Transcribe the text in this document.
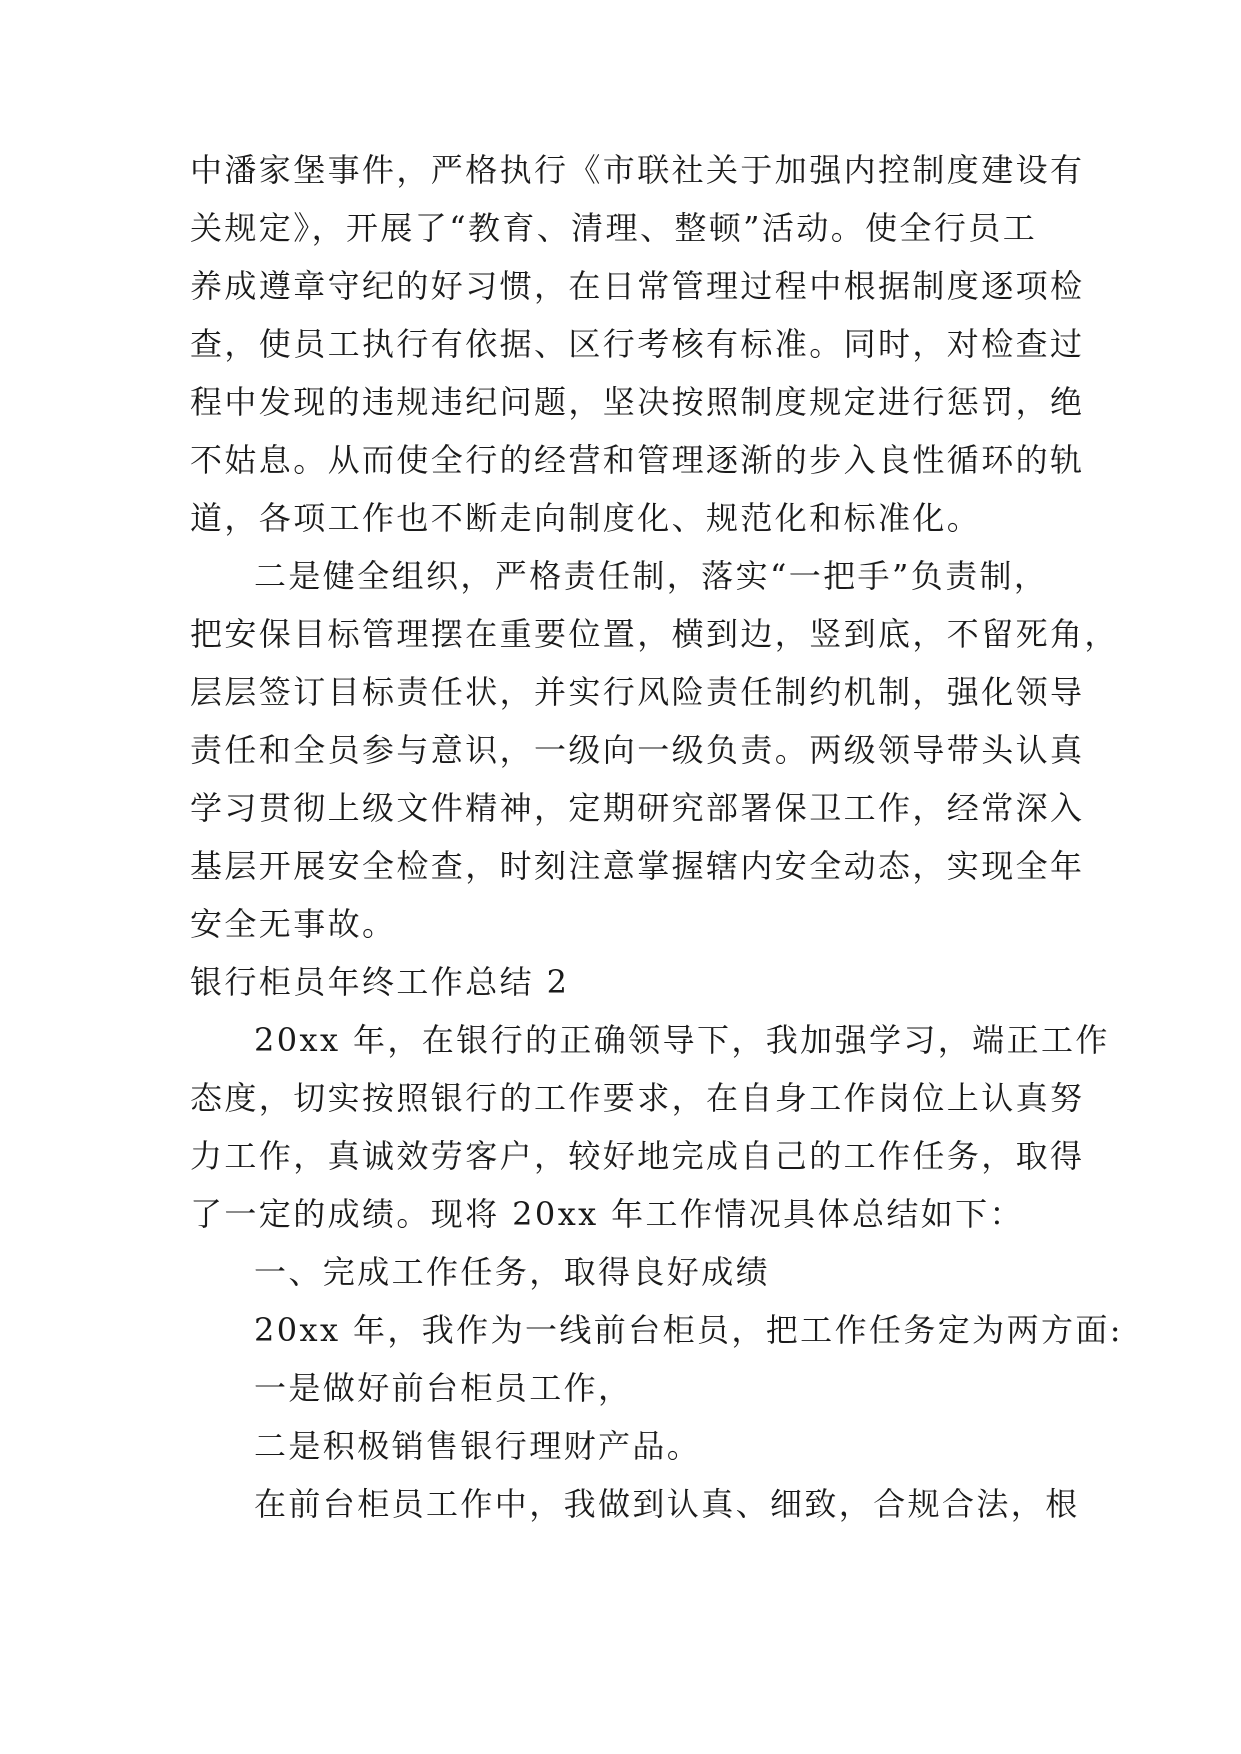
中潘家堡事件，严格执行《市联社关于加强内控制度建设有
关规定》，开展了“教育、清理、整顿”活动。使全行员工
养成遵章守纪的好习惯，在日常管理过程中根据制度逐项检
查，使员工执行有依据、区行考核有标准。同时，对检查过
程中发现的违规违纪问题，坚决按照制度规定进行惩罚，绝
不姑息。从而使全行的经营和管理逐渐的步入良性循环的轨
道，各项工作也不断走向制度化、规范化和标准化。
二是健全组织，严格责任制，落实“一把手”负责制，
把安保目标管理摆在重要位置，横到边，竖到底，不留死角，
层层签订目标责任状，并实行风险责任制约机制，强化领导
责任和全员参与意识，一级向一级负责。两级领导带头认真
学习贯彻上级文件精神，定期研究部署保卫工作，经常深入
基层开展安全检查，时刻注意掌握辖内安全动态，实现全年
安全无事故。
银行柜员年终工作总结 2
20xx 年，在银行的正确领导下，我加强学习，端正工作
态度，切实按照银行的工作要求，在自身工作岗位上认真努
力工作，真诚效劳客户，较好地完成自己的工作任务，取得
了一定的成绩。现将 20xx 年工作情况具体总结如下：
一、完成工作任务，取得良好成绩
20xx 年，我作为一线前台柜员，把工作任务定为两方面:
一是做好前台柜员工作，
二是积极销售银行理财产品。
在前台柜员工作中，我做到认真、细致，合规合法，根
